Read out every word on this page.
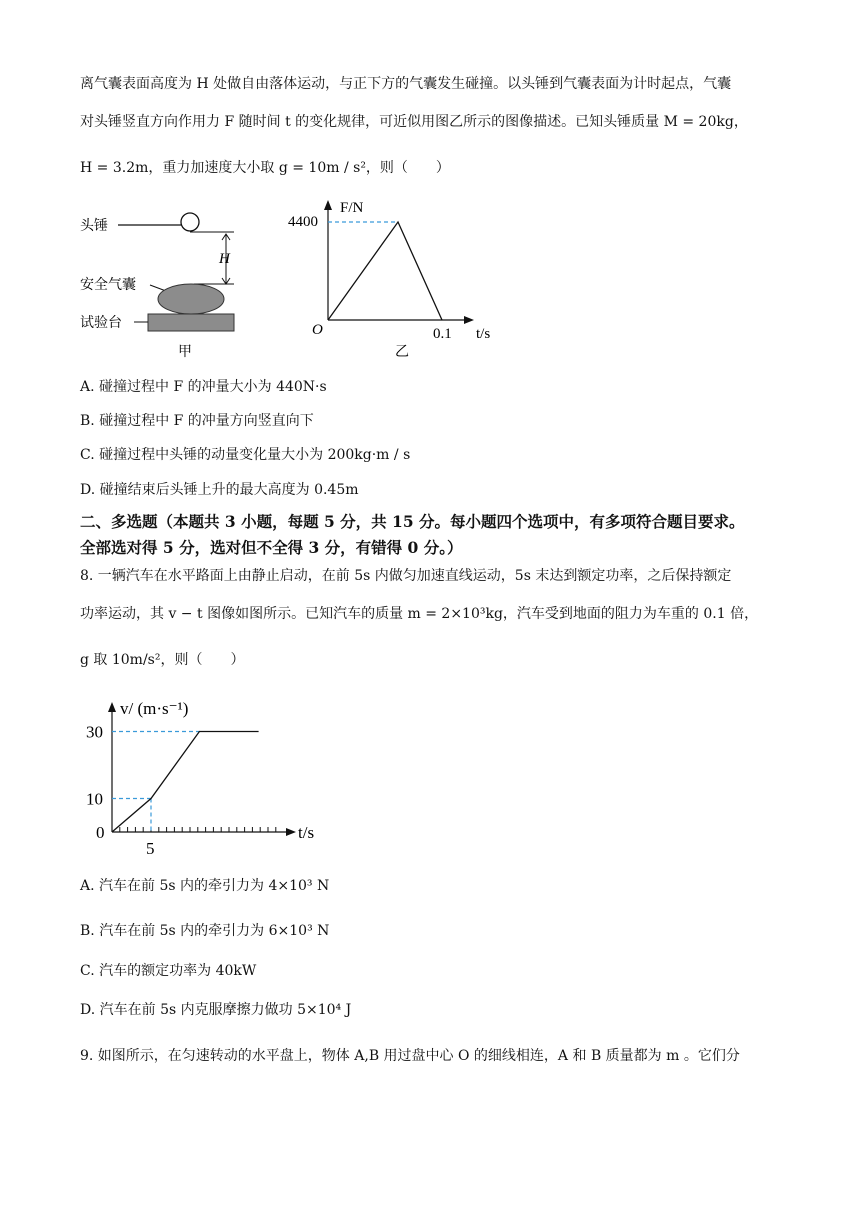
离气囊表面高度为 H 处做自由落体运动，与正下方的气囊发生碰撞。以头锤到气囊表面为计时起点，气囊
对头锤竖直方向作用力 F 随时间 t 的变化规律，可近似用图乙所示的图像描述。已知头锤质量 M = 20kg，
H = 3.2m，重力加速度大小取 g = 10m / s²，则（　　）
头锤
H
安全气囊
试验台
甲
F/N
4400
O	0.1 t/s
乙
A. 碰撞过程中 F 的冲量大小为 440N·s
B. 碰撞过程中 F 的冲量方向竖直向下
C. 碰撞过程中头锤的动量变化量大小为 200kg·m / s
D. 碰撞结束后头锤上升的最大高度为 0.45m
二、多选题（本题共 3 小题，每题 5 分，共 15 分。每小题四个选项中，有多项符合题目要求。
全部选对得 5 分，选对但不全得 3 分，有错得 0 分。）
8. 一辆汽车在水平路面上由静止启动，在前 5s 内做匀加速直线运动，5s 末达到额定功率，之后保持额定
功率运动，其 v − t 图像如图所示。已知汽车的质量 m = 2×10³kg，汽车受到地面的阻力为车重的 0.1 倍，
g 取 10m/s²，则（　　）
v/ (m·s⁻¹)
30
10
0
5
t/s
A. 汽车在前 5s 内的牵引力为 4×10³ N
B. 汽车在前 5s 内的牵引力为 6×10³ N
C. 汽车的额定功率为 40kW
D. 汽车在前 5s 内克服摩擦力做功 5×10⁴ J
9. 如图所示，在匀速转动的水平盘上，物体 A,B 用过盘中心 O 的细线相连，A 和 B 质量都为 m 。它们分
